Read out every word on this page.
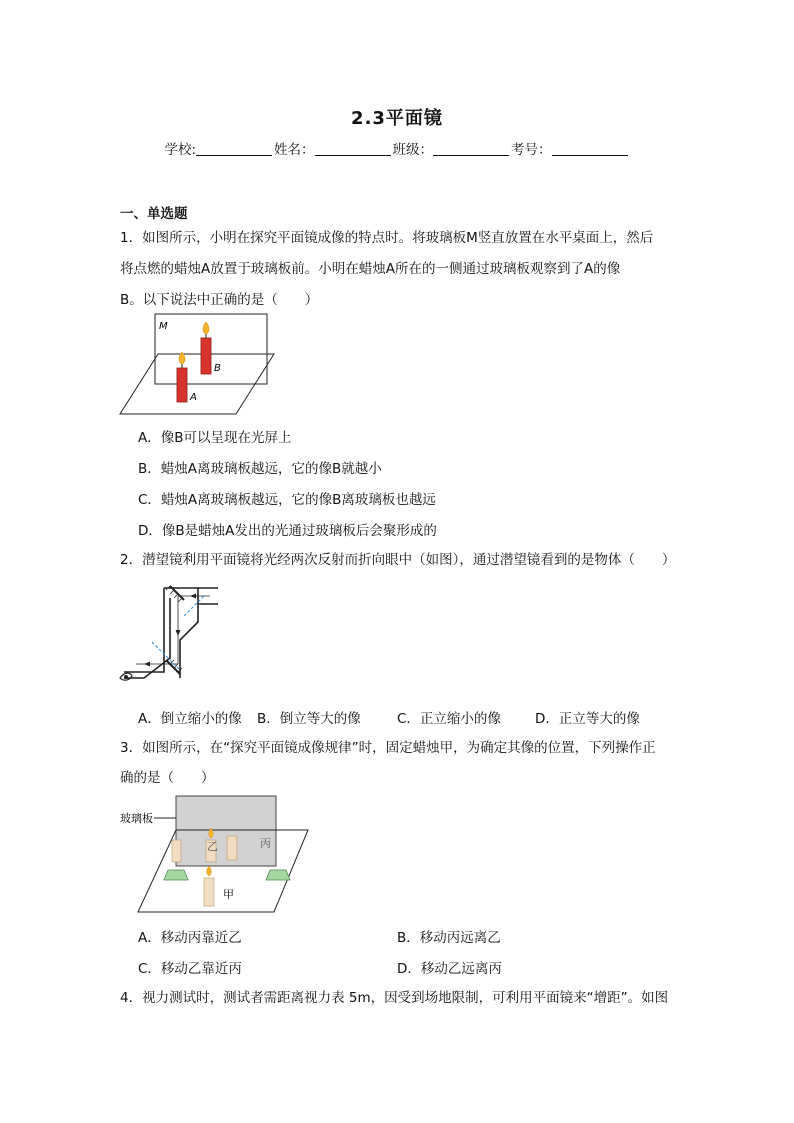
2.3平面镜
学校:	姓名：	班级：	考号：
一、单选题
1．如图所示，小明在探究平面镜成像的特点时。将玻璃板M竖直放置在水平桌面上，然后
将点燃的蜡烛A放置于玻璃板前。小明在蜡烛A所在的一侧通过玻璃板观察到了A的像
B。以下说法中正确的是（　　）
M
A
B
A．像B可以呈现在光屏上
B．蜡烛A离玻璃板越远，它的像B就越小
C．蜡烛A离玻璃板越远，它的像B离玻璃板也越远
D．像B是蜡烛A发出的光通过玻璃板后会聚形成的
2．潜望镜利用平面镜将光经两次反射而折向眼中（如图），通过潜望镜看到的是物体（　　）
A．倒立缩小的像 B．倒立等大的像	C．正立缩小的像	D．正立等大的像
3．如图所示，在“探究平面镜成像规律”时，固定蜡烛甲，为确定其像的位置，下列操作正
确的是（　　）
玻璃板
乙	丙
甲
A．移动丙靠近乙	B．移动丙远离乙
C．移动乙靠近丙	D．移动乙远离丙
4．视力测试时，测试者需距离视力表 5m，因受到场地限制，可利用平面镜来“增距”。如图
